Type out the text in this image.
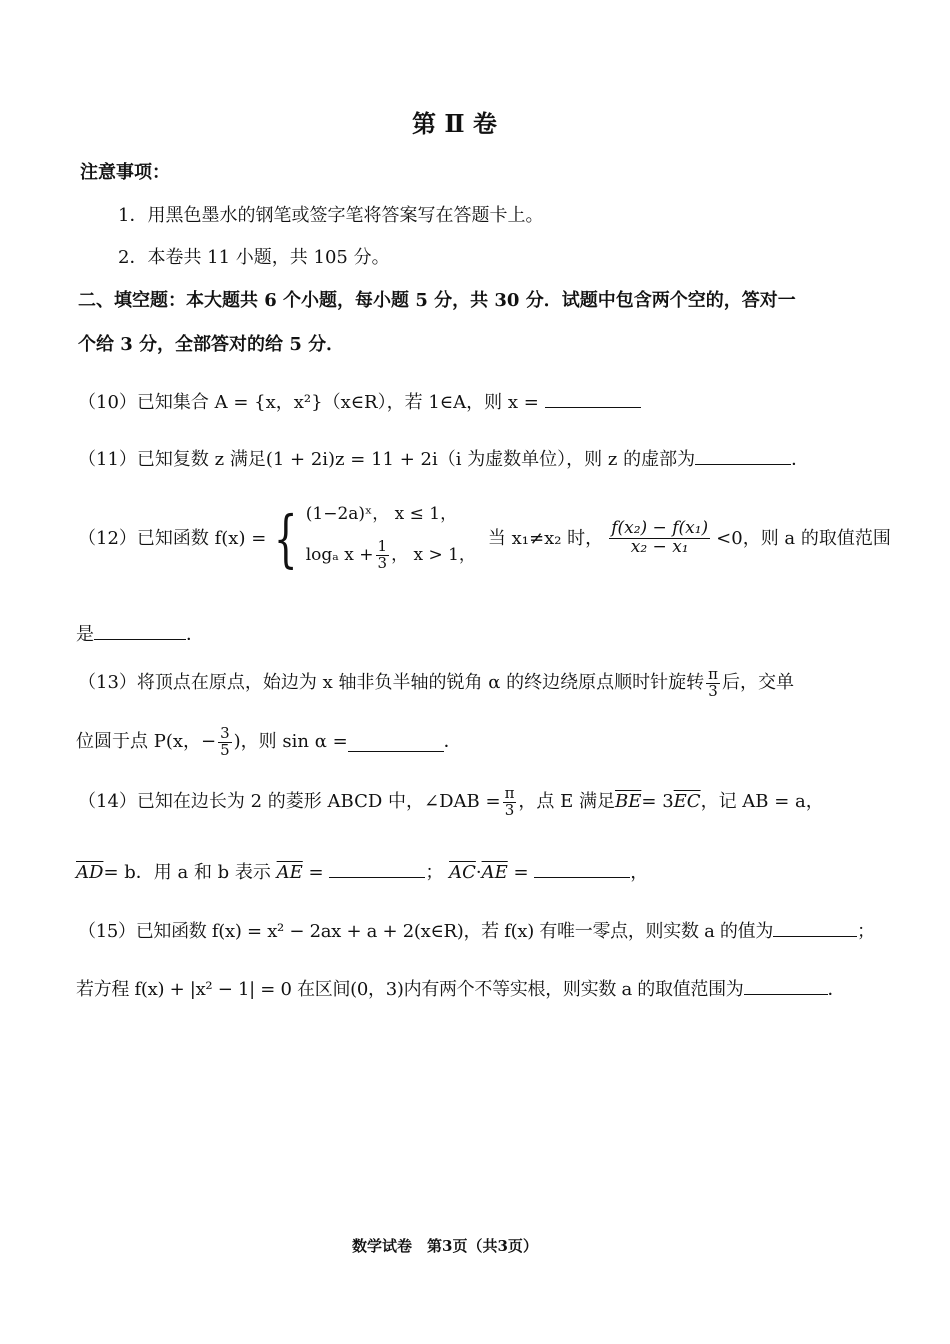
第 Ⅱ 卷
注意事项：
1．用黑色墨水的钢笔或签字笔将答案写在答题卡上。
2．本卷共 11 小题，共 105 分。
二、填空题：本大题共 6 个小题，每小题 5 分，共 30 分．试题中包含两个空的，答对一
个给 3 分，全部答对的给 5 分．
（10）已知集合 A = {x，x²}（x∈R），若 1∈A，则 x =
（11）已知复数 z 满足(1 + 2i)z = 11 + 2i（i 为虚数单位），则 z 的虚部为	．
（12）已知函数 f(x) = { (1−2a)ˣ， x ≤ 1，
logₐ $x + \frac{1}{3}$ ， x > 1，
当 x₁≠x₂ 时， $\frac{\text{f(x₂) − f(x₁)}}{\text{x₂ − x₁}} <0$，则 a 的取值范围
是	．
（13）将顶点在原点，始边为 x 轴非负半轴的锐角 α 的终边绕原点顺时针旋转 $\frac{\pi}{3}$ 后，交单
位圆于点 P(x，− $\frac{3}{5}$ )，则 sin α =	．
（14）已知在边长为 2 的菱形 ABCD 中，∠DAB = $\frac{\pi}{3}$ ，点 E 满足 $\overline{BE} = 3$ $\overline{EC}$ ，记 AB = a，
$\overline{AD}= b$．用 a 和 b 表示 $\overline{AE}$ =	； $\overline{AC}\cdot\overline{AE}$ =	，
（15）已知函数 f(x) = x² − 2ax + a + 2(x∈R)，若 f(x) 有唯一零点，则实数 a 的值为	；
若方程 f(x) + |x² − 1| = 0 在区间(0，3)内有两个不等实根，则实数 a 的取值范围为	．
数学试卷　第3页（共3页）
